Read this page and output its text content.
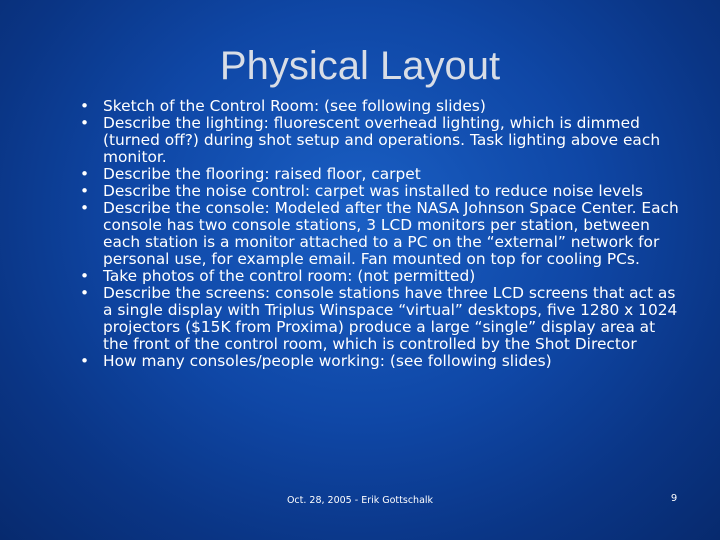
Physical Layout
• Sketch of the Control Room: (see following slides)
• Describe the lighting: fluorescent overhead lighting, which is dimmed (turned off?) during shot setup and operations. Task lighting above each monitor.
• Describe the flooring: raised floor, carpet
• Describe the noise control: carpet was installed to reduce noise levels
• Describe the console: Modeled after the NASA Johnson Space Center. Each console has two console stations, 3 LCD monitors per station, between each station is a monitor attached to a PC on the “external” network for personal use, for example email. Fan mounted on top for cooling PCs.
• Take photos of the control room: (not permitted)
• Describe the screens: console stations have three LCD screens that act as a single display with Triplus Winspace “virtual” desktops, five 1280 x 1024 projectors ($15K from Proxima) produce a large “single” display area at the front of the control room, which is controlled by the Shot Director
• How many consoles/people working: (see following slides)
Oct. 28, 2005 - Erik Gottschalk	9
